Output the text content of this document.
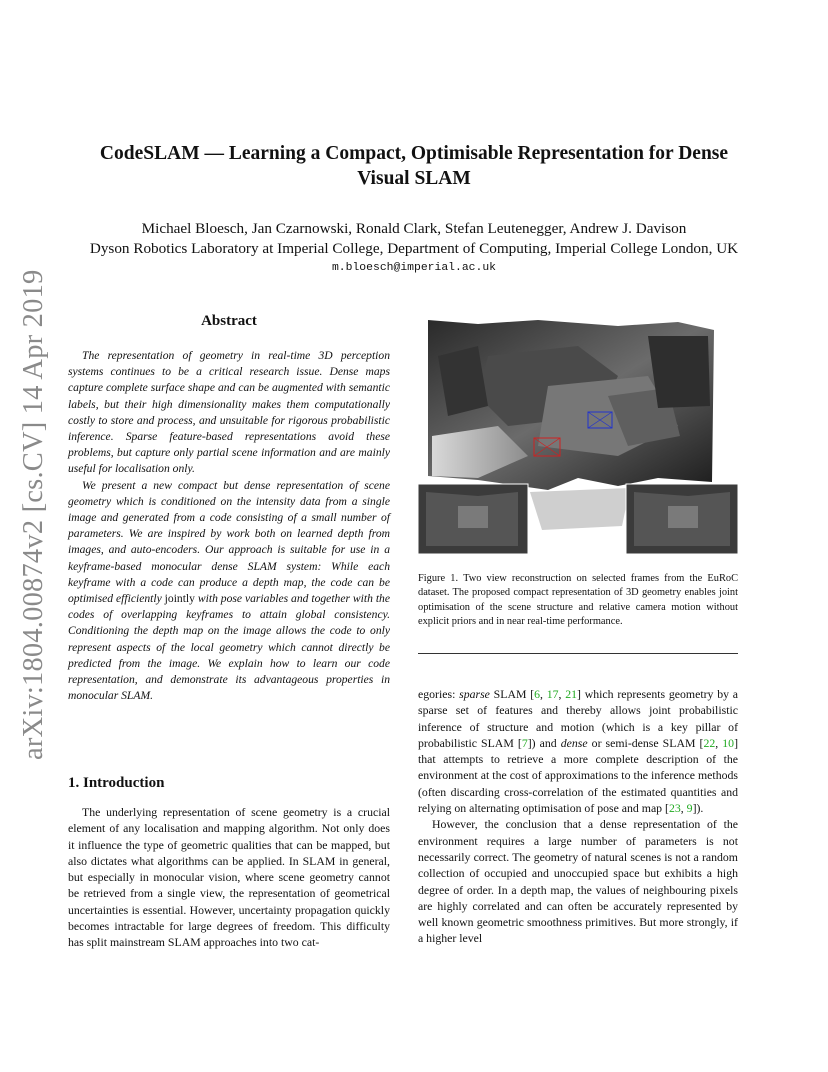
arXiv:1804.00874v2 [cs.CV] 14 Apr 2019
CodeSLAM — Learning a Compact, Optimisable Representation for Dense
Visual SLAM
Michael Bloesch, Jan Czarnowski, Ronald Clark, Stefan Leutenegger, Andrew J. Davison
Dyson Robotics Laboratory at Imperial College, Department of Computing, Imperial College London, UK
m.bloesch@imperial.ac.uk
Abstract

The representation of geometry in real-time 3D perception systems continues to be a critical research issue. Dense maps capture complete surface shape and can be augmented with semantic labels, but their high dimensionality makes them computationally costly to store and process, and unsuitable for rigorous probabilistic inference. Sparse feature-based representations avoid these problems, but capture only partial scene information and are mainly useful for localisation only.

We present a new compact but dense representation of scene geometry which is conditioned on the intensity data from a single image and generated from a code consisting of a small number of parameters. We are inspired by work both on learned depth from images, and auto-encoders. Our approach is suitable for use in a keyframe-based monocular dense SLAM system: While each keyframe with a code can produce a depth map, the code can be optimised efficiently jointly with pose variables and together with the codes of overlapping keyframes to attain global consistency. Conditioning the depth map on the image allows the code to only represent aspects of the local geometry which cannot directly be predicted from the image. We explain how to learn our code representation, and demonstrate its advantageous properties in monocular SLAM.

1. Introduction

The underlying representation of scene geometry is a crucial element of any localisation and mapping algorithm. Not only does it influence the type of geometric qualities that can be mapped, but also dictates what algorithms can be applied. In SLAM in general, but especially in monocular vision, where scene geometry cannot be retrieved from a single view, the representation of geometrical uncertainties is essential. However, uncertainty propagation quickly becomes intractable for large degrees of freedom. This difficulty has split mainstream SLAM approaches into two cat-

Figure 1. Two view reconstruction on selected frames from the EuRoC dataset. The proposed compact representation of 3D geometry enables joint optimisation of the scene structure and relative camera motion without explicit priors and in near real-time performance.

egories: sparse SLAM [6, 17, 21] which represents geometry by a sparse set of features and thereby allows joint probabilistic inference of structure and motion (which is a key pillar of probabilistic SLAM [7]) and dense or semi-dense SLAM [22, 10] that attempts to retrieve a more complete description of the environment at the cost of approximations to the inference methods (often discarding cross-correlation of the estimated quantities and relying on alternating optimisation of pose and map [23, 9]).

However, the conclusion that a dense representation of the environment requires a large number of parameters is not necessarily correct. The geometry of natural scenes is not a random collection of occupied and unoccupied space but exhibits a high degree of order. In a depth map, the values of neighbouring pixels are highly correlated and can often be accurately represented by well known geometric smoothness primitives. But more strongly, if a higher level
